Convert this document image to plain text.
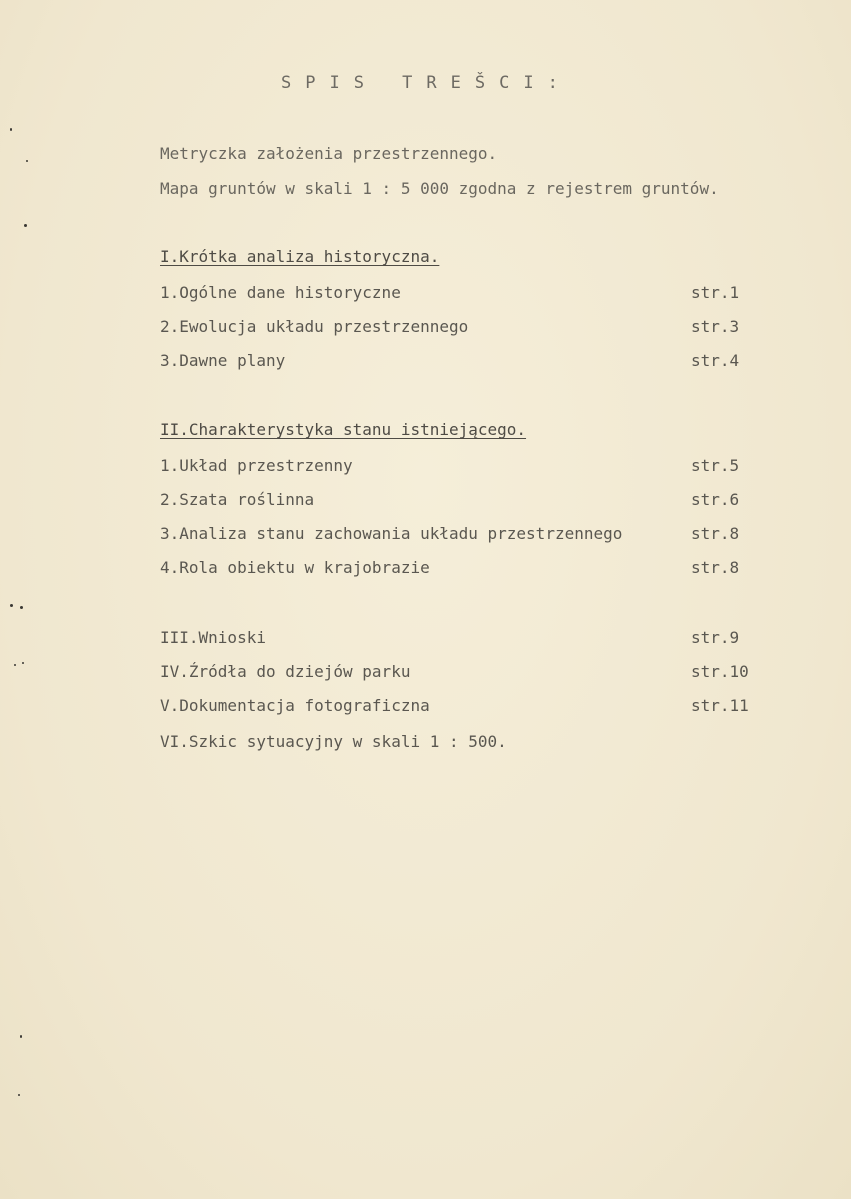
SPIS TREŠCI:
Metryczka założenia przestrzennego.
Mapa gruntów w skali 1 : 5 000 zgodna z rejestrem gruntów.
I.Krótka analiza historyczna.
1.Ogólne dane historyczne	str.1
2.Ewolucja układu przestrzennego	str.3
3.Dawne plany	str.4
II.Charakterystyka stanu istniejącego.
1.Układ przestrzenny	str.5
2.Szata roślinna	str.6
3.Analiza stanu zachowania układu przestrzennego	str.8
4.Rola obiektu w krajobrazie	str.8
III.Wnioski	str.9
IV.Źródła do dziejów parku	str.10
V.Dokumentacja fotograficzna	str.11
VI.Szkic sytuacyjny w skali 1 : 500.
